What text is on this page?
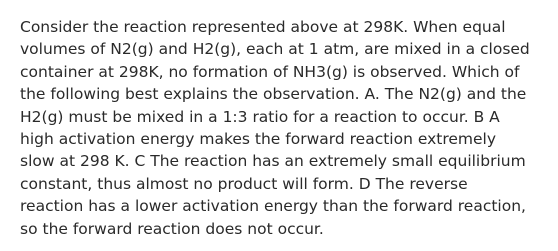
Consider the reaction represented above at 298K. When equal
volumes of N2(g) and H2(g), each at 1 atm, are mixed in a closed
container at 298K, no formation of NH3(g) is observed. Which of
the following best explains the observation. A. The N2(g) and the
H2(g) must be mixed in a 1:3 ratio for a reaction to occur. B A
high activation energy makes the forward reaction extremely
slow at 298 K. C The reaction has an extremely small equilibrium
constant, thus almost no product will form. D The reverse
reaction has a lower activation energy than the forward reaction,
so the forward reaction does not occur.
